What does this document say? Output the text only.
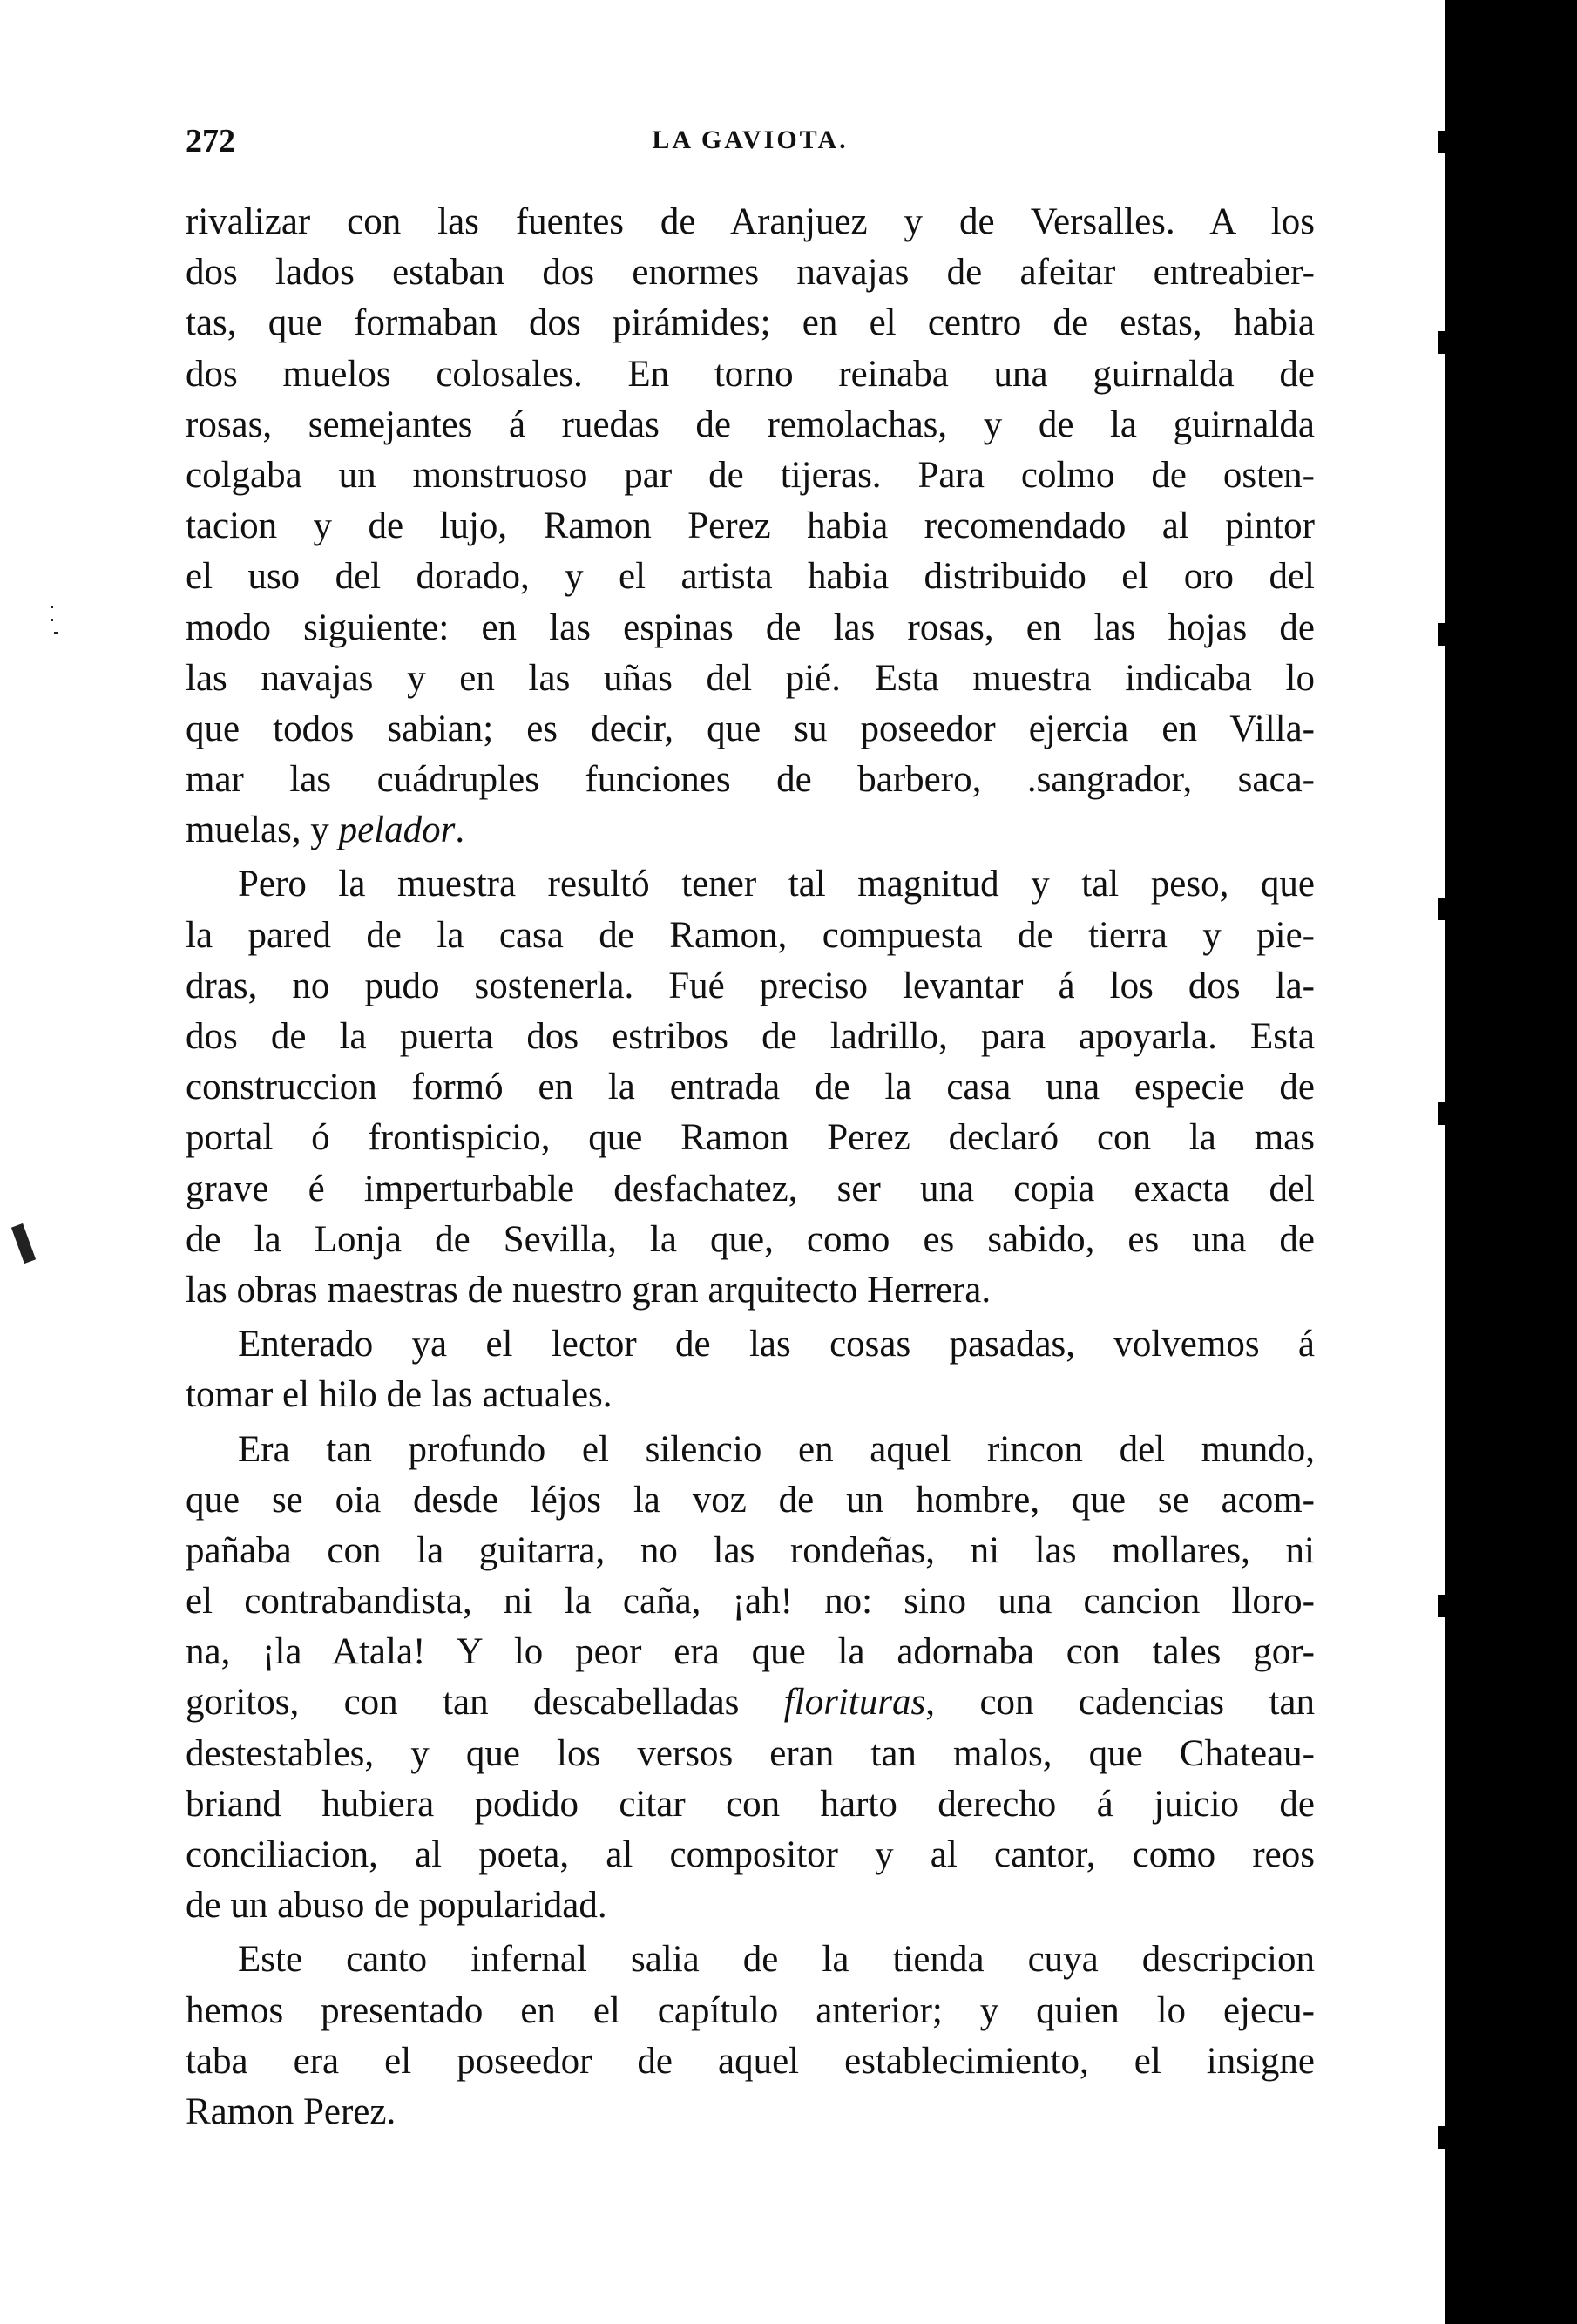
272	LA GAVIOTA.
rivalizar con las fuentes de Aranjuez y de Versalles. A los
dos lados estaban dos enormes navajas de afeitar entreabier-
tas, que formaban dos pirámides; en el centro de estas, habia
dos muelos colosales. En torno reinaba una guirnalda de
rosas, semejantes á ruedas de remolachas, y de la guirnalda
colgaba un monstruoso par de tijeras. Para colmo de osten-
tacion y de lujo, Ramon Perez habia recomendado al pintor
el uso del dorado, y el artista habia distribuido el oro del
modo siguiente: en las espinas de las rosas, en las hojas de
las navajas y en las uñas del pié. Esta muestra indicaba lo
que todos sabian; es decir, que su poseedor ejercia en Villa-
mar las cuádruples funciones de barbero, .sangrador, saca-
muelas, y pelador.
Pero la muestra resultó tener tal magnitud y tal peso, que
la pared de la casa de Ramon, compuesta de tierra y pie-
dras, no pudo sostenerla. Fué preciso levantar á los dos la-
dos de la puerta dos estribos de ladrillo, para apoyarla. Esta
construccion formó en la entrada de la casa una especie de
portal ó frontispicio, que Ramon Perez declaró con la mas
grave é imperturbable desfachatez, ser una copia exacta del
de la Lonja de Sevilla, la que, como es sabido, es una de
las obras maestras de nuestro gran arquitecto Herrera.
Enterado ya el lector de las cosas pasadas, volvemos á
tomar el hilo de las actuales.
Era tan profundo el silencio en aquel rincon del mundo,
que se oia desde léjos la voz de un hombre, que se acom-
pañaba con la guitarra, no las rondeñas, ni las mollares, ni
el contrabandista, ni la caña, ¡ah! no: sino una cancion lloro-
na, ¡la Atala! Y lo peor era que la adornaba con tales gor-
goritos, con tan descabelladas florituras, con cadencias tan
destestables, y que los versos eran tan malos, que Chateau-
briand hubiera podido citar con harto derecho á juicio de
conciliacion, al poeta, al compositor y al cantor, como reos
de un abuso de popularidad.
Este canto infernal salia de la tienda cuya descripcion
hemos presentado en el capítulo anterior; y quien lo ejecu-
taba era el poseedor de aquel establecimiento, el insigne
Ramon Perez.
